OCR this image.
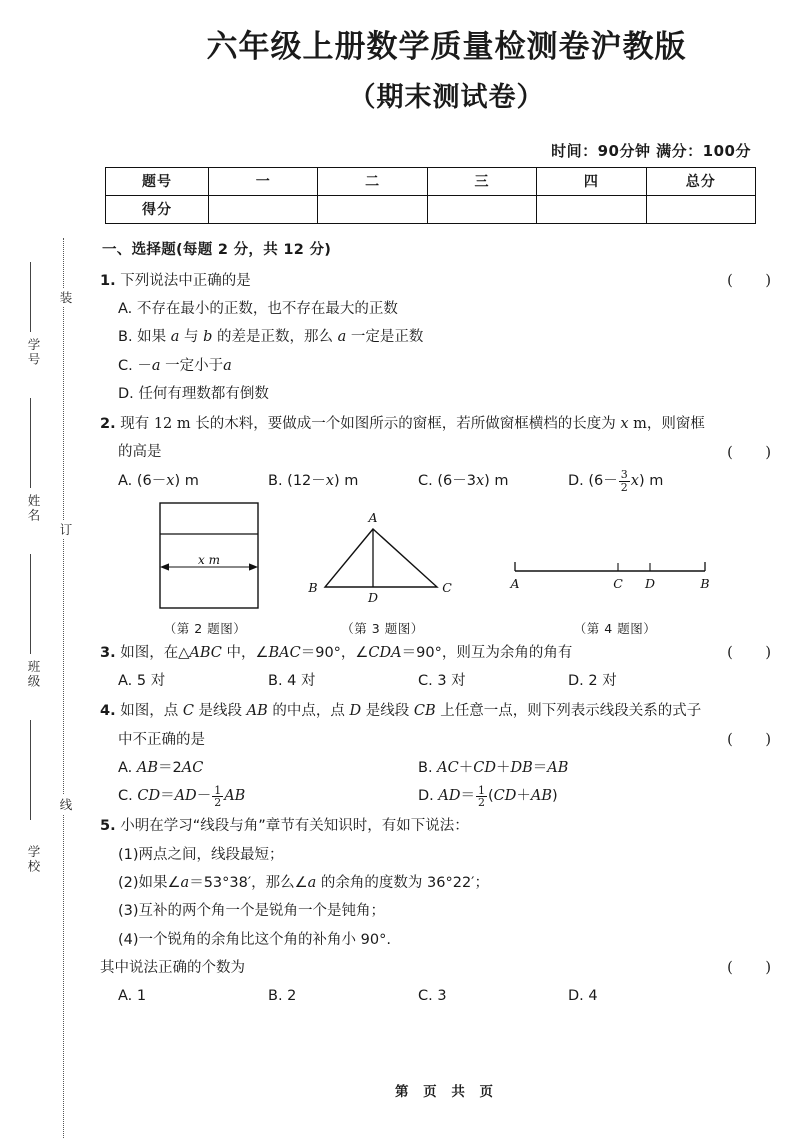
装
订
线
学号
姓名
班级
学校
六年级上册数学质量检测卷沪教版
（期末测试卷）
时间：90分钟 满分：100分
题号	一	二	三	四	总分
得分					
一、选择题(每题 2 分，共 12 分)
1. 下列说法中正确的是	( )
A. 不存在最小的正数，也不存在最大的正数
B. 如果 a 与 b 的差是正数，那么 a 一定是正数
C. －a 一定小于a
D. 任何有理数都有倒数
2. 现有 12 m 长的木料，要做成一个如图所示的窗框，若所做窗框横档的长度为 x m，则窗框的高是	( )
A. (6－x) m	B. (12－x) m	C. (6－3x) m	D. $(6- \frac{3}{2} x)$ m
x m
（第 2 题图）
A
B	C
D
（第 3 题图）
A	C D	B
（第 4 题图）
3. 如图，在△ABC 中，∠BAC＝90°，∠CDA＝90°，则互为余角的角有	( )
A. 5 对	B. 4 对	C. 3 对	D. 2 对
4. 如图，点 C 是线段 AB 的中点，点 D 是线段 CB 上任意一点，则下列表示线段关系的式子中不正确的是	( )
A. AB＝2AC	B. AC＋CD＋DB＝AB
C. $CD=AD- \frac{1}{2}$ AB	D. $AD= \frac{1}{2} (CD+AB)$
5. 小明在学习“线段与角”章节有关知识时，有如下说法：
(1)两点之间，线段最短；
(2)如果∠a＝53°38′，那么∠a 的余角的度数为 36°22′；
(3)互补的两个角一个是锐角一个是钝角；
(4)一个锐角的余角比这个角的补角小 90°.
其中说法正确的个数为	( )
A. 1	B. 2	C. 3	D. 4
第 页 共 页
